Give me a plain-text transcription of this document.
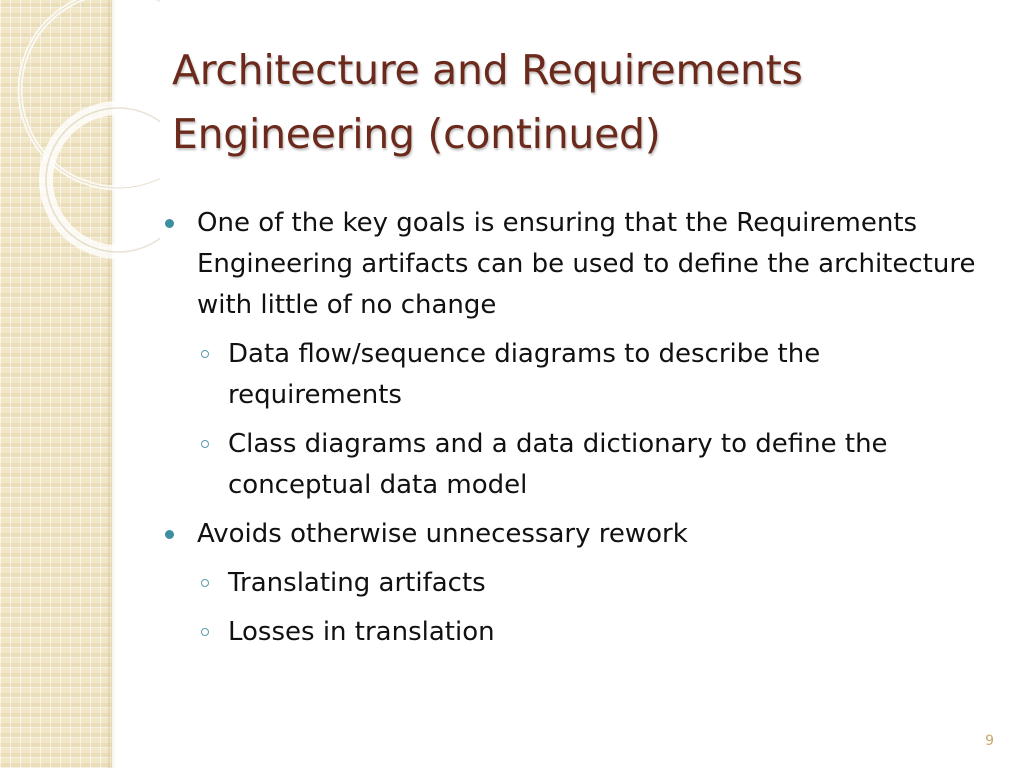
Architecture and Requirements
Engineering (continued)
One of the key goals is ensuring that the Requirements Engineering artifacts can be used to define the architecture with little of no change
Data flow/sequence diagrams to describe the requirements
Class diagrams and a data dictionary to define the conceptual data model
Avoids otherwise unnecessary rework
Translating artifacts
Losses in translation
9
